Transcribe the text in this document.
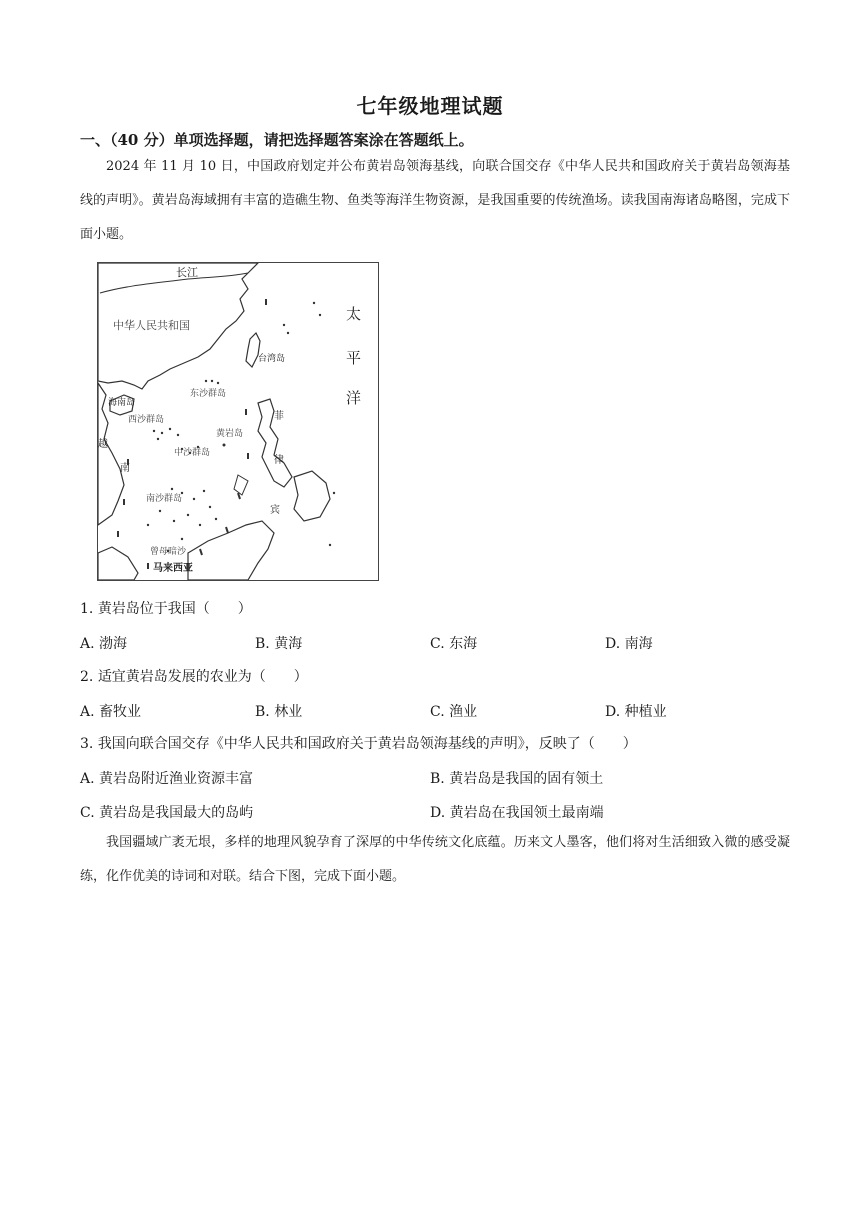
七年级地理试题
一、（40 分）单项选择题，请把选择题答案涂在答题纸上。
2024 年 11 月 10 日，中国政府划定并公布黄岩岛领海基线，向联合国交存《中华人民共和国政府关于黄岩岛领海基线的声明》。黄岩岛海域拥有丰富的造礁生物、鱼类等海洋生物资源，是我国重要的传统渔场。读我国南海诸岛略图，完成下面小题。
长江
中华人民共和国
台湾岛
东沙群岛
海南岛
西沙群岛
黄岩岛
中沙群岛
南沙群岛
曾母暗沙
马来西亚
太
平
洋
菲
律
宾
越
南
1. 黄岩岛位于我国（　　）
A. 渤海	B. 黄海	C. 东海	D. 南海
2. 适宜黄岩岛发展的农业为（　　）
A. 畜牧业	B. 林业	C. 渔业	D. 种植业
3. 我国向联合国交存《中华人民共和国政府关于黄岩岛领海基线的声明》，反映了（　　）
A. 黄岩岛附近渔业资源丰富	B. 黄岩岛是我国的固有领土
C. 黄岩岛是我国最大的岛屿	D. 黄岩岛在我国领土最南端
我国疆域广袤无垠，多样的地理风貌孕育了深厚的中华传统文化底蕴。历来文人墨客，他们将对生活细致入微的感受凝练，化作优美的诗词和对联。结合下图，完成下面小题。
